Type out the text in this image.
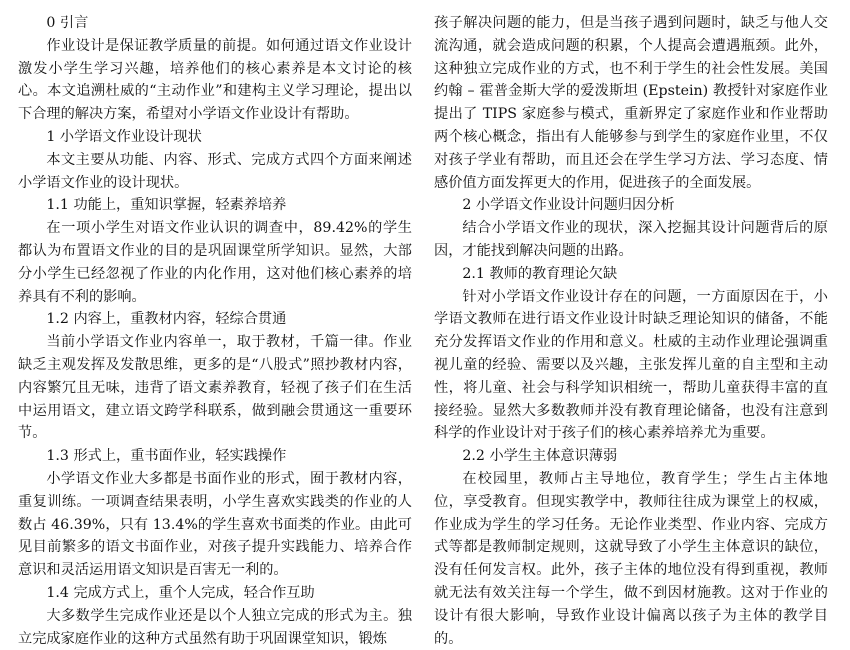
0 引言

作业设计是保证教学质量的前提。如何通过语文作业设计激发小学生学习兴趣，培养他们的核心素养是本文讨论的核心。本文追溯杜威的“主动作业”和建构主义学习理论，提出以下合理的解决方案，希望对小学语文作业设计有帮助。

1 小学语文作业设计现状

本文主要从功能、内容、形式、完成方式四个方面来阐述小学语文作业的设计现状。

1.1 功能上，重知识掌握，轻素养培养

在一项小学生对语文作业认识的调查中，89.42%的学生都认为布置语文作业的目的是巩固课堂所学知识。显然，大部分小学生已经忽视了作业的内化作用，这对他们核心素养的培养具有不利的影响。

1.2 内容上，重教材内容，轻综合贯通

当前小学语文作业内容单一，取于教材，千篇一律。作业缺乏主观发挥及发散思维，更多的是“八股式”照抄教材内容，内容繁冗且无味，违背了语文素养教育，轻视了孩子们在生活中运用语文，建立语文跨学科联系，做到融会贯通这一重要环节。

1.3 形式上，重书面作业，轻实践操作

小学语文作业大多都是书面作业的形式，囿于教材内容，重复训练。一项调查结果表明，小学生喜欢实践类的作业的人数占 46.39%，只有 13.4%的学生喜欢书面类的作业。由此可见目前繁多的语文书面作业，对孩子提升实践能力、培养合作意识和灵活运用语文知识是百害无一利的。

1.4 完成方式上，重个人完成，轻合作互助

大多数学生完成作业还是以个人独立完成的形式为主。独立完成家庭作业的这种方式虽然有助于巩固课堂知识，锻炼

孩子解决问题的能力，但是当孩子遇到问题时，缺乏与他人交流沟通，就会造成问题的积累，个人提高会遭遇瓶颈。此外，这种独立完成作业的方式，也不利于学生的社会性发展。美国约翰 – 霍普金斯大学的爱泼斯坦 (Epstein) 教授针对家庭作业提出了 TIPS 家庭参与模式，重新界定了家庭作业和作业帮助两个核心概念，指出有人能够参与到学生的家庭作业里，不仅对孩子学业有帮助，而且还会在学生学习方法、学习态度、情感价值方面发挥更大的作用，促进孩子的全面发展。

2 小学语文作业设计问题归因分析

结合小学语文作业的现状，深入挖掘其设计问题背后的原因，才能找到解决问题的出路。

2.1 教师的教育理论欠缺

针对小学语文作业设计存在的问题，一方面原因在于，小学语文教师在进行语文作业设计时缺乏理论知识的储备，不能充分发挥语文作业的作用和意义。杜威的主动作业理论强调重视儿童的经验、需要以及兴趣，主张发挥儿童的自主型和主动性，将儿童、社会与科学知识相统一，帮助儿童获得丰富的直接经验。显然大多数教师并没有教育理论储备，也没有注意到科学的作业设计对于孩子们的核心素养培养尤为重要。

2.2 小学生主体意识薄弱

在校园里，教师占主导地位，教育学生；学生占主体地位，享受教育。但现实教学中，教师往往成为课堂上的权威，作业成为学生的学习任务。无论作业类型、作业内容、完成方式等都是教师制定规则，这就导致了小学生主体意识的缺位，没有任何发言权。此外，孩子主体的地位没有得到重视，教师就无法有效关注每一个学生，做不到因材施教。这对于作业的设计有很大影响，导致作业设计偏离以孩子为主体的教学目的。
